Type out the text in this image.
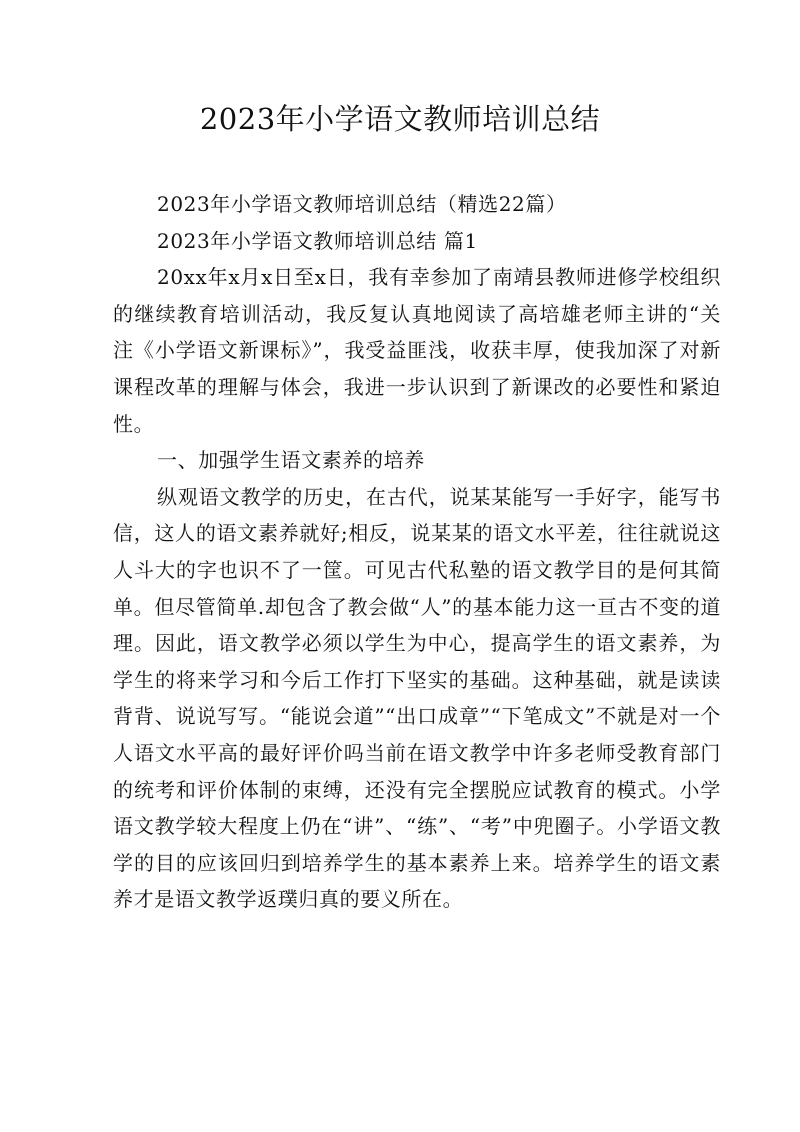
2023年小学语文教师培训总结

2023年小学语文教师培训总结（精选22篇）

2023年小学语文教师培训总结 篇1

20xx年x月x日至x日，我有幸参加了南靖县教师进修学校组织的继续教育培训活动，我反复认真地阅读了高培雄老师主讲的“关注《小学语文新课标》”，我受益匪浅，收获丰厚，使我加深了对新课程改革的理解与体会，我进一步认识到了新课改的必要性和紧迫性。

一、加强学生语文素养的培养

纵观语文教学的历史，在古代，说某某能写一手好字，能写书信，这人的语文素养就好;相反，说某某的语文水平差，往往就说这人斗大的字也识不了一筐。可见古代私塾的语文教学目的是何其简单。但尽管简单.却包含了教会做“人”的基本能力这一亘古不变的道理。因此，语文教学必须以学生为中心，提高学生的语文素养，为学生的将来学习和今后工作打下坚实的基础。这种基础，就是读读背背、说说写写。“能说会道”“出口成章”“下笔成文”不就是对一个人语文水平高的最好评价吗当前在语文教学中许多老师受教育部门的统考和评价体制的束缚，还没有完全摆脱应试教育的模式。小学语文教学较大程度上仍在“讲”、“练”、“考”中兜圈子。小学语文教学的目的应该回归到培养学生的基本素养上来。培养学生的语文素养才是语文教学返璞归真的要义所在。
